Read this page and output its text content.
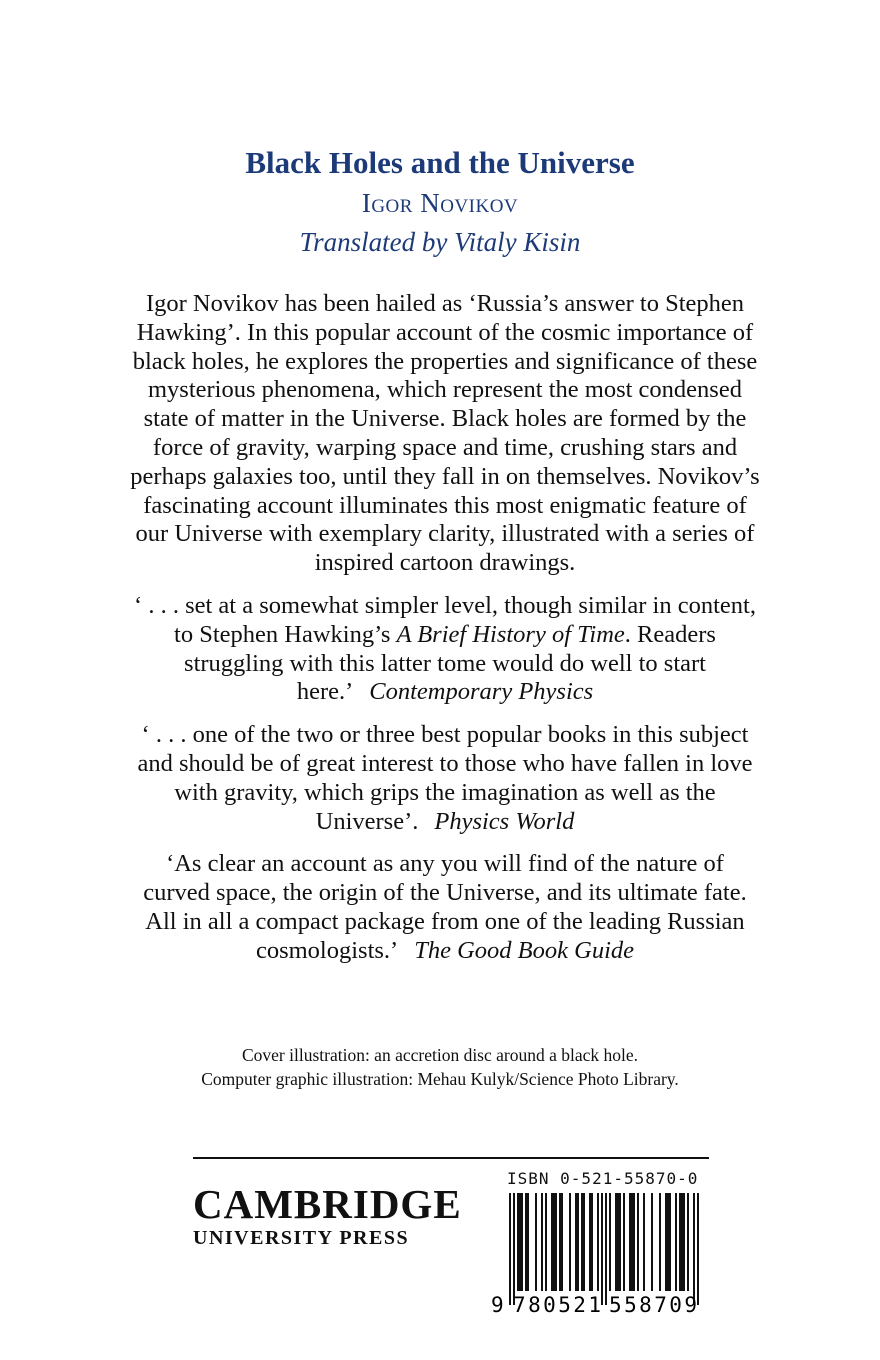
Black Holes and the Universe
Igor Novikov
Translated by Vitaly Kisin

Igor Novikov has been hailed as ‘Russia’s answer to Stephen Hawking’. In this popular account of the cosmic importance of black holes, he explores the properties and significance of these mysterious phenomena, which represent the most condensed state of matter in the Universe. Black holes are formed by the force of gravity, warping space and time, crushing stars and perhaps galaxies too, until they fall in on themselves. Novikov’s fascinating account illuminates this most enigmatic feature of our Universe with exemplary clarity, illustrated with a series of inspired cartoon drawings.

‘ . . . set at a somewhat simpler level, though similar in content, to Stephen Hawking’s A Brief History of Time. Readers struggling with this latter tome would do well to start here.’ Contemporary Physics

‘ . . . one of the two or three best popular books in this subject and should be of great interest to those who have fallen in love with gravity, which grips the imagination as well as the Universe’. Physics World

‘As clear an account as any you will find of the nature of curved space, the origin of the Universe, and its ultimate fate. All in all a compact package from one of the leading Russian cosmologists.’ The Good Book Guide

Cover illustration: an accretion disc around a black hole.
Computer graphic illustration: Mehau Kulyk/Science Photo Library.
CAMBRIDGE
UNIVERSITY PRESS
ISBN 0-521-55870-0
9 780521 558709
